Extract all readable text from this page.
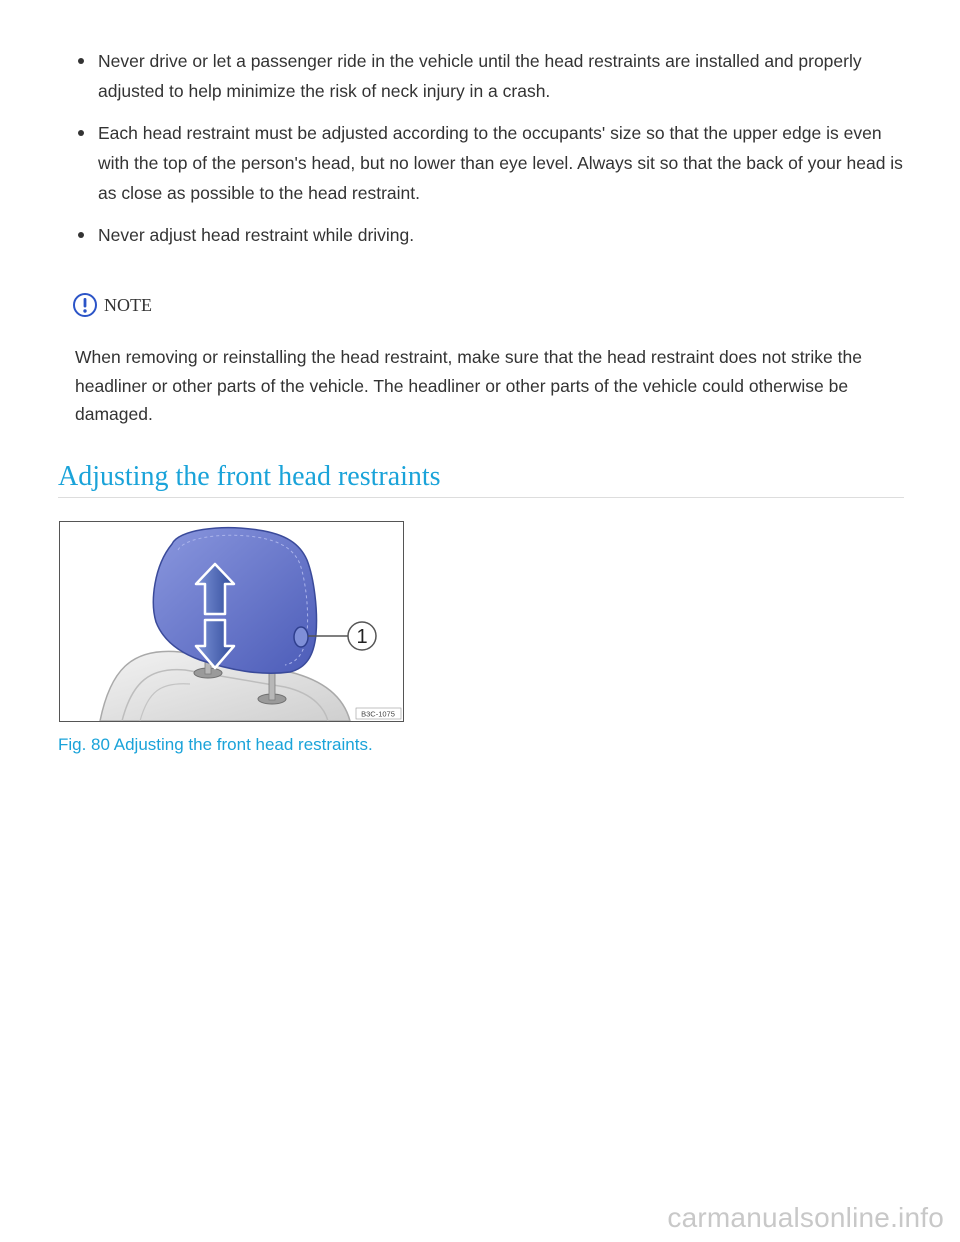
Never drive or let a passenger ride in the vehicle until the head restraints are installed and properly adjusted to help minimize the risk of neck injury in a crash.
Each head restraint must be adjusted according to the occupants' size so that the upper edge is even with the top of the person's head, but no lower than eye level. Always sit so that the back of your head is as close as possible to the head restraint.
Never adjust head restraint while driving.
NOTE

When removing or reinstalling the head restraint, make sure that the head restraint does not strike the headliner or other parts of the vehicle. The headliner or other parts of the vehicle could otherwise be damaged.

Adjusting the front head restraints
1
B3C-1075

Fig. 80 Adjusting the front head restraints.

carmanualsonline.info
